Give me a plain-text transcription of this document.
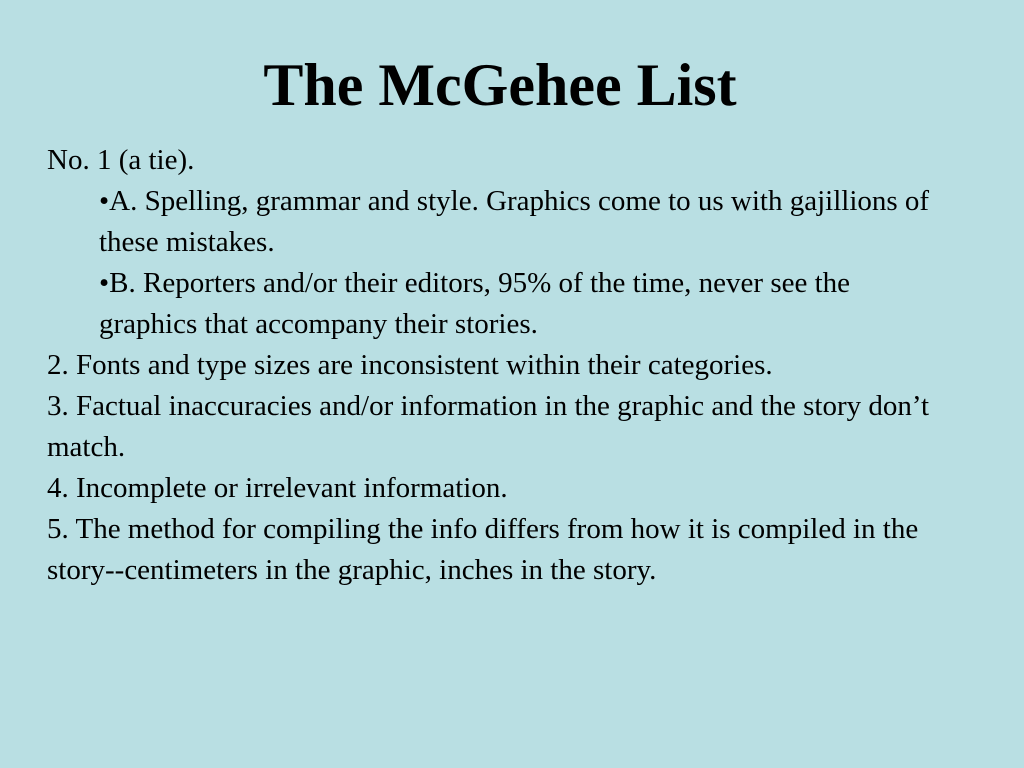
The McGehee List

No. 1 (a tie).

•A. Spelling, grammar and style. Graphics come to us with gajillions of these mistakes.

•B. Reporters and/or their editors, 95% of the time, never see the graphics that accompany their stories.

2. Fonts and type sizes are inconsistent within their categories.

3. Factual inaccuracies and/or information in the graphic and the story don’t match.

4. Incomplete or irrelevant information.

5. The method for compiling the info differs from how it is compiled in the story--centimeters in the graphic, inches in the story.
